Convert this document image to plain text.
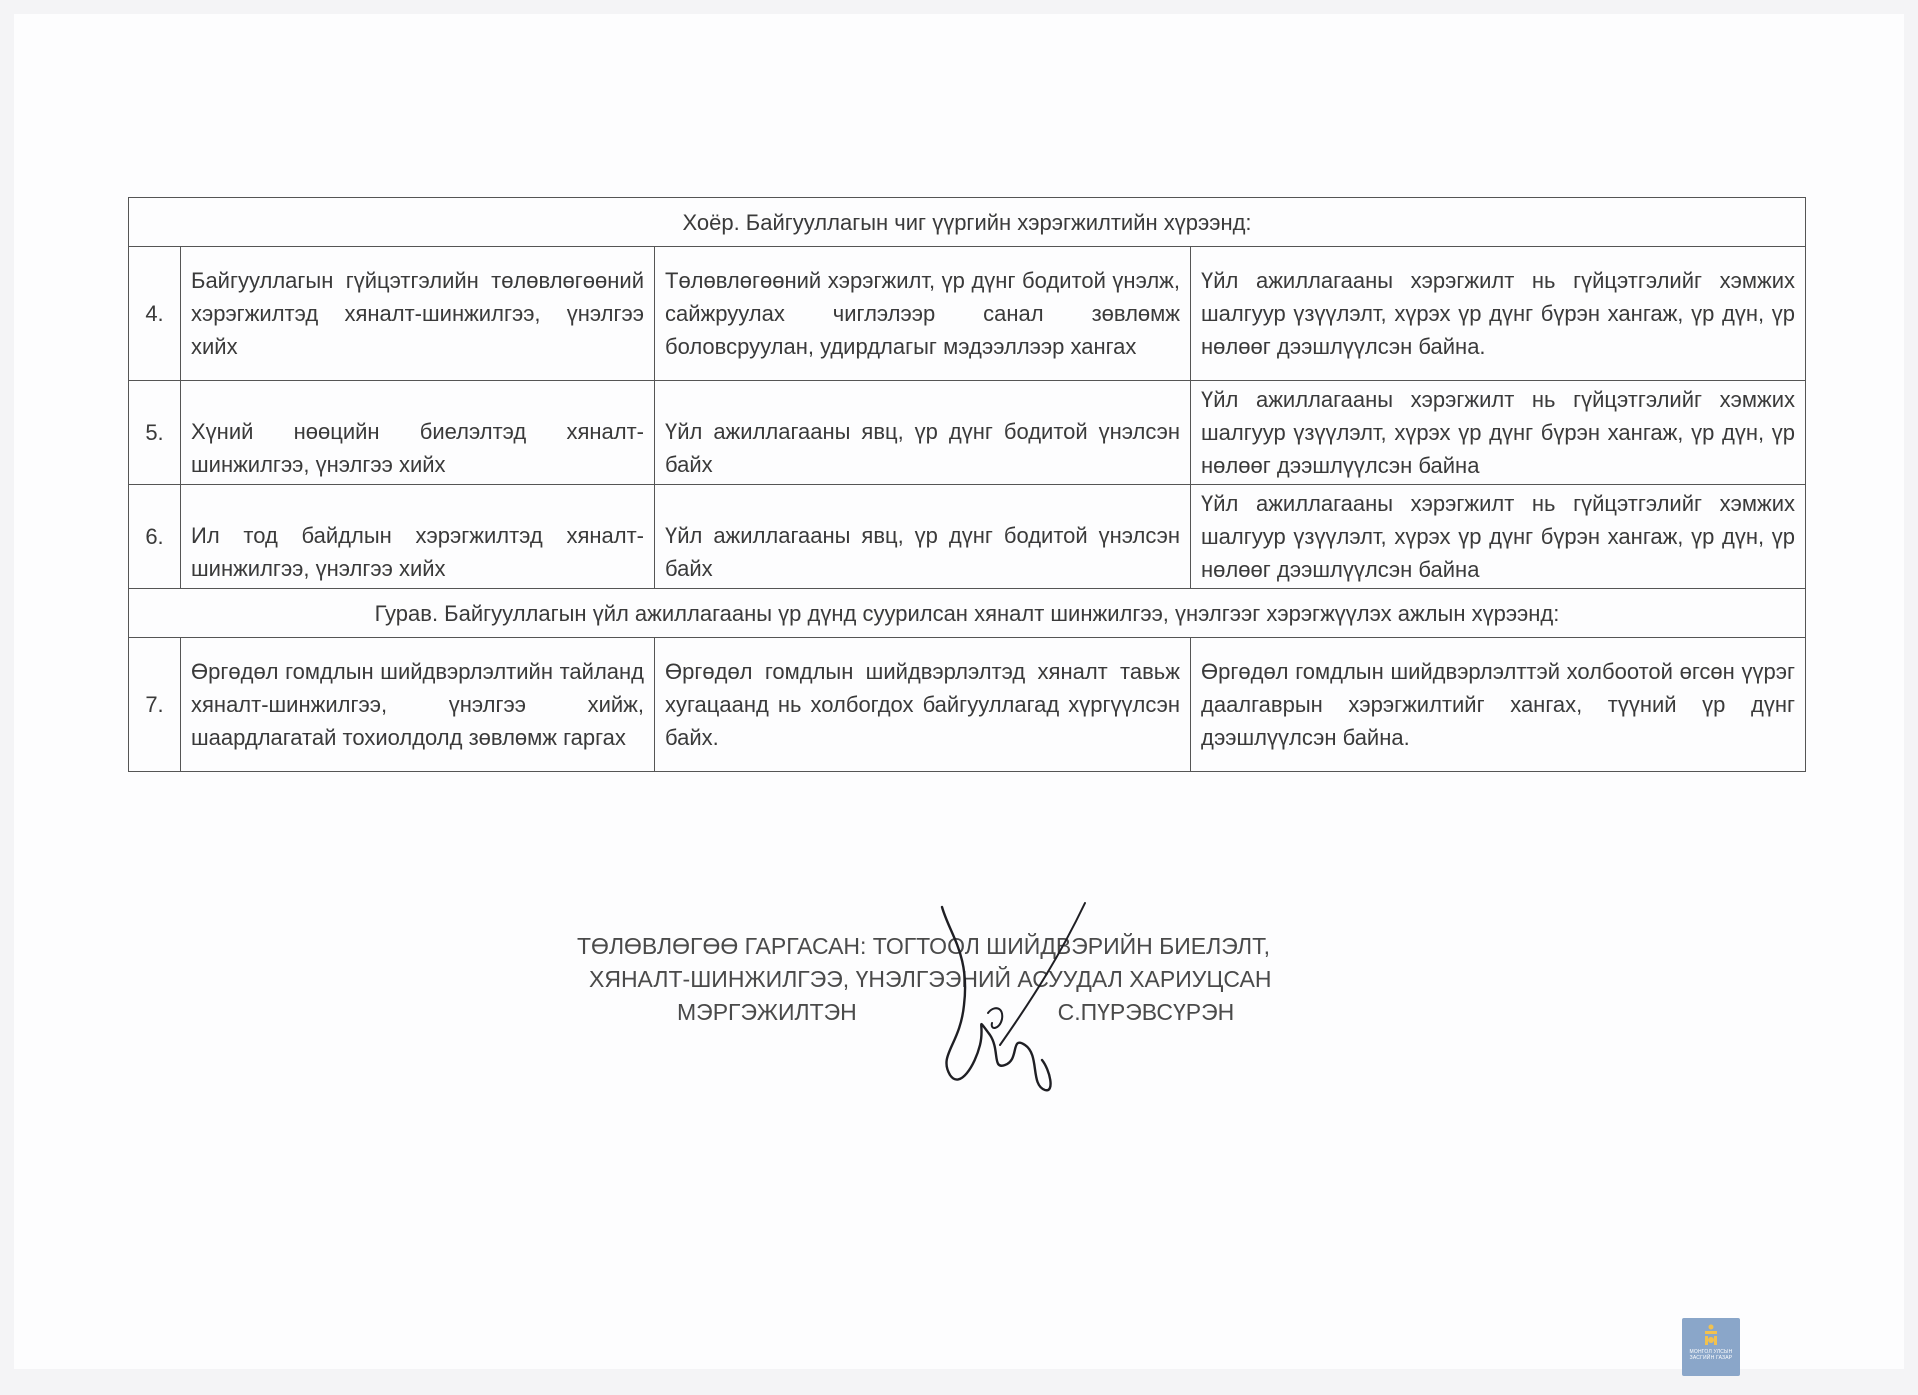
Хоёр. Байгууллагын чиг үүргийн хэрэгжилтийн хүрээнд:			
4.	Байгууллагын гүйцэтгэлийн төлөвлөгөөний хэрэгжилтэд хяналт-шинжилгээ, үнэлгээ хийх	Төлөвлөгөөний хэрэгжилт, үр дүнг бодитой үнэлж, сайжруулах чиглэлээр санал зөвлөмж боловсруулан, удирдлагыг мэдээллээр хангах	Үйл ажиллагааны хэрэгжилт нь гүйцэтгэлийг хэмжих шалгуур үзүүлэлт, хүрэх үр дүнг бүрэн хангаж, үр дүн, үр нөлөөг дээшлүүлсэн байна.
5.	Хүний нөөцийн биелэлтэд хяналт-шинжилгээ, үнэлгээ хийх	Үйл ажиллагааны явц, үр дүнг бодитой үнэлсэн байх	Үйл ажиллагааны хэрэгжилт нь гүйцэтгэлийг хэмжих шалгуур үзүүлэлт, хүрэх үр дүнг бүрэн хангаж, үр дүн, үр нөлөөг дээшлүүлсэн байна
6.	Ил тод байдлын хэрэгжилтэд хяналт-шинжилгээ, үнэлгээ хийх	Үйл ажиллагааны явц, үр дүнг бодитой үнэлсэн байх	Үйл ажиллагааны хэрэгжилт нь гүйцэтгэлийг хэмжих шалгуур үзүүлэлт, хүрэх үр дүнг бүрэн хангаж, үр дүн, үр нөлөөг дээшлүүлсэн байна
Гурав. Байгууллагын үйл ажиллагааны үр дүнд суурилсан хяналт шинжилгээ, үнэлгээг хэрэгжүүлэх ажлын хүрээнд:			
7.	Өргөдөл гомдлын шийдвэрлэлтийн тайланд хяналт-шинжилгээ, үнэлгээ хийж, шаардлагатай тохиолдолд зөвлөмж гаргах	Өргөдөл гомдлын шийдвэрлэлтэд хяналт тавьж хугацаанд нь холбогдох байгууллагад хүргүүлсэн байх.	Өргөдөл гомдлын шийдвэрлэлттэй холбоотой өгсөн үүрэг даалгаврын хэрэгжилтийг хангах, түүний үр дүнг дээшлүүлсэн байна.
ТӨЛӨВЛӨГӨӨ ГАРГАСАН: ТОГТООЛ ШИЙДВЭРИЙН БИЕЛЭЛТ,
ХЯНАЛТ-ШИНЖИЛГЭЭ, ҮНЭЛГЭЭНИЙ АСУУДАЛ ХАРИУЦСАН
МЭРГЭЖИЛТЭН	С.ПҮРЭВСҮРЭН
МОНГОЛ УЛСЫН ЗАСГИЙН ГАЗАР
